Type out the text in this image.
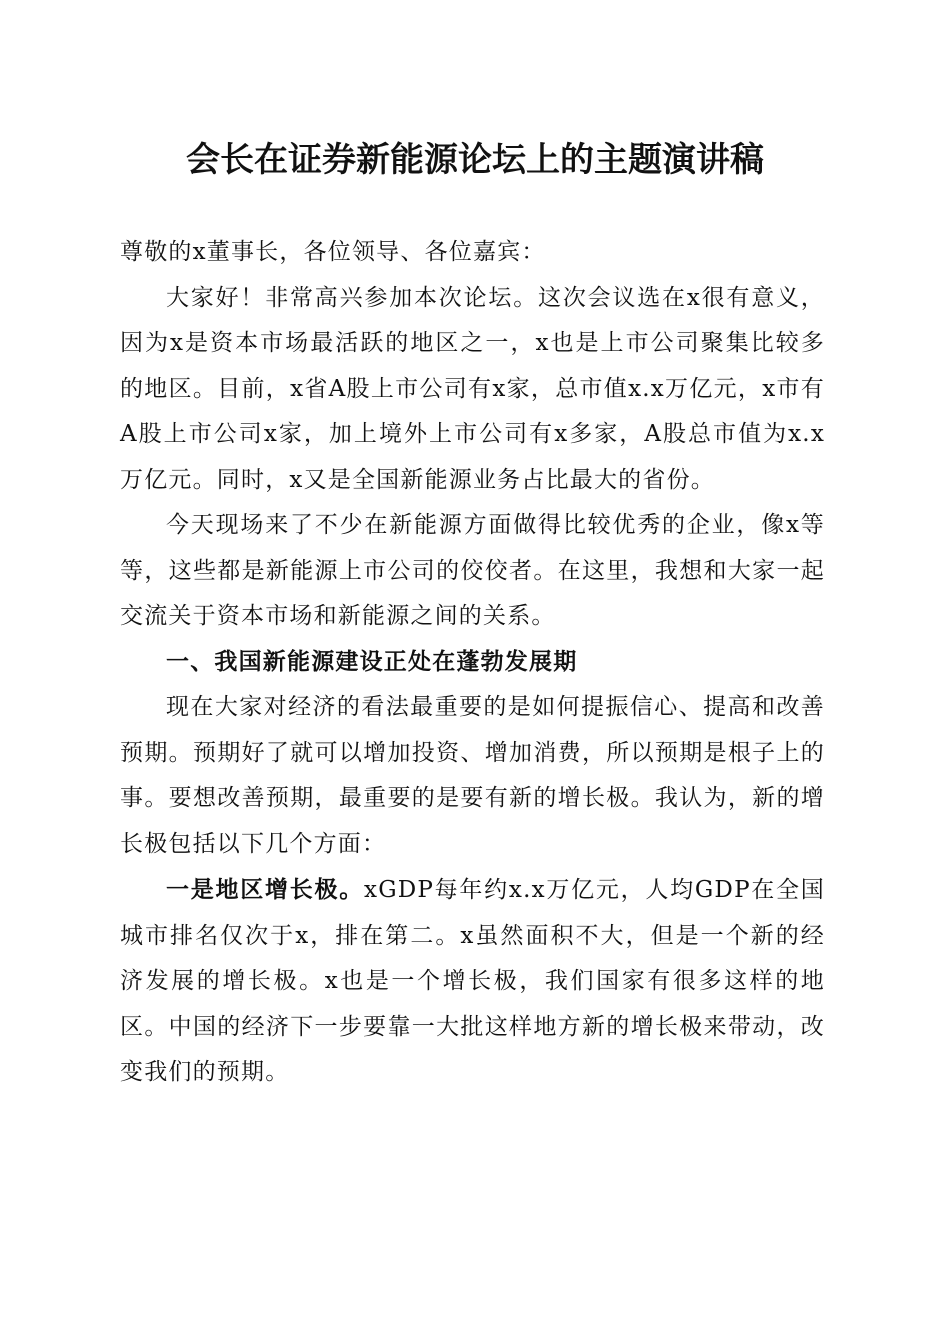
会长在证券新能源论坛上的主题演讲稿

尊敬的x董事长，各位领导、各位嘉宾：

大家好！非常高兴参加本次论坛。这次会议选在x很有意义，因为x是资本市场最活跃的地区之一，x也是上市公司聚集比较多的地区。目前，x省A股上市公司有x家，总市值x.x万亿元，x市有A股上市公司x家，加上境外上市公司有x多家，A股总市值为x.x万亿元。同时，x又是全国新能源业务占比最大的省份。

今天现场来了不少在新能源方面做得比较优秀的企业，像x等等，这些都是新能源上市公司的佼佼者。在这里，我想和大家一起交流关于资本市场和新能源之间的关系。

一、我国新能源建设正处在蓬勃发展期

现在大家对经济的看法最重要的是如何提振信心、提高和改善预期。预期好了就可以增加投资、增加消费，所以预期是根子上的事。要想改善预期，最重要的是要有新的增长极。我认为，新的增长极包括以下几个方面：

一是地区增长极。xGDP每年约x.x万亿元，人均GDP在全国城市排名仅次于x，排在第二。x虽然面积不大，但是一个新的经济发展的增长极。x也是一个增长极，我们国家有很多这样的地区。中国的经济下一步要靠一大批这样地方新的增长极来带动，改变我们的预期。
